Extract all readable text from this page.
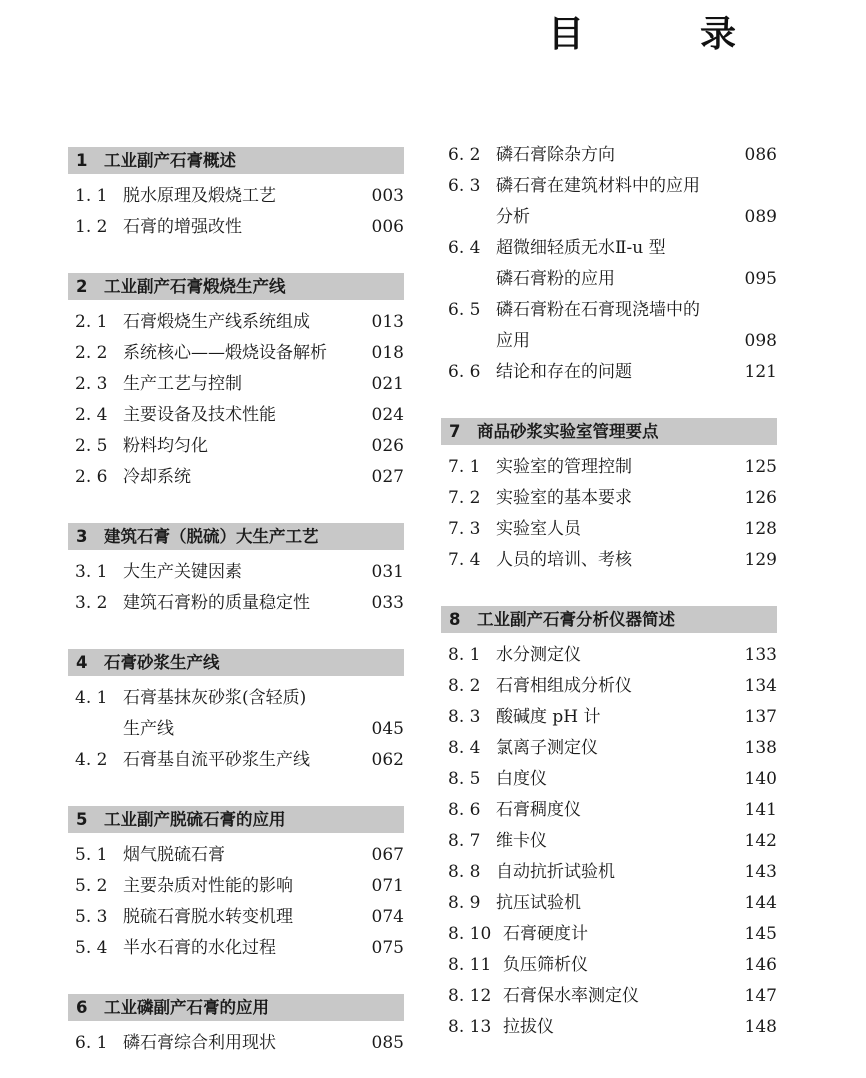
目　录
1 工业副产石膏概述
1. 1 脱水原理及煅烧工艺	003
1. 2 石膏的增强改性	006
2 工业副产石膏煅烧生产线
2. 1 石膏煅烧生产线系统组成	013
2. 2 系统核心——煅烧设备解析	018
2. 3 生产工艺与控制	021
2. 4 主要设备及技术性能	024
2. 5 粉料均匀化	026
2. 6 冷却系统	027
3 建筑石膏（脱硫）大生产工艺
3. 1 大生产关键因素	031
3. 2 建筑石膏粉的质量稳定性	033
4 石膏砂浆生产线
4. 1 石膏基抹灰砂浆(含轻质)
生产线	045
4. 2 石膏基自流平砂浆生产线	062
5 工业副产脱硫石膏的应用
5. 1 烟气脱硫石膏	067
5. 2 主要杂质对性能的影响	071
5. 3 脱硫石膏脱水转变机理	074
5. 4 半水石膏的水化过程	075
6 工业磷副产石膏的应用
6. 1 磷石膏综合利用现状	085
6. 2 磷石膏除杂方向	086
6. 3 磷石膏在建筑材料中的应用
分析	089
6. 4 超微细轻质无水Ⅱ-u 型
磷石膏粉的应用	095
6. 5 磷石膏粉在石膏现浇墙中的
应用	098
6. 6 结论和存在的问题	121
7 商品砂浆实验室管理要点
7. 1 实验室的管理控制	125
7. 2 实验室的基本要求	126
7. 3 实验室人员	128
7. 4 人员的培训、考核	129
8 工业副产石膏分析仪器简述
8. 1 水分测定仪	133
8. 2 石膏相组成分析仪	134
8. 3 酸碱度 pH 计	137
8. 4 氯离子测定仪	138
8. 5 白度仪	140
8. 6 石膏稠度仪	141
8. 7 维卡仪	142
8. 8 自动抗折试验机	143
8. 9 抗压试验机	144
8. 10 石膏硬度计	145
8. 11 负压筛析仪	146
8. 12 石膏保水率测定仪	147
8. 13 拉拔仪	148
